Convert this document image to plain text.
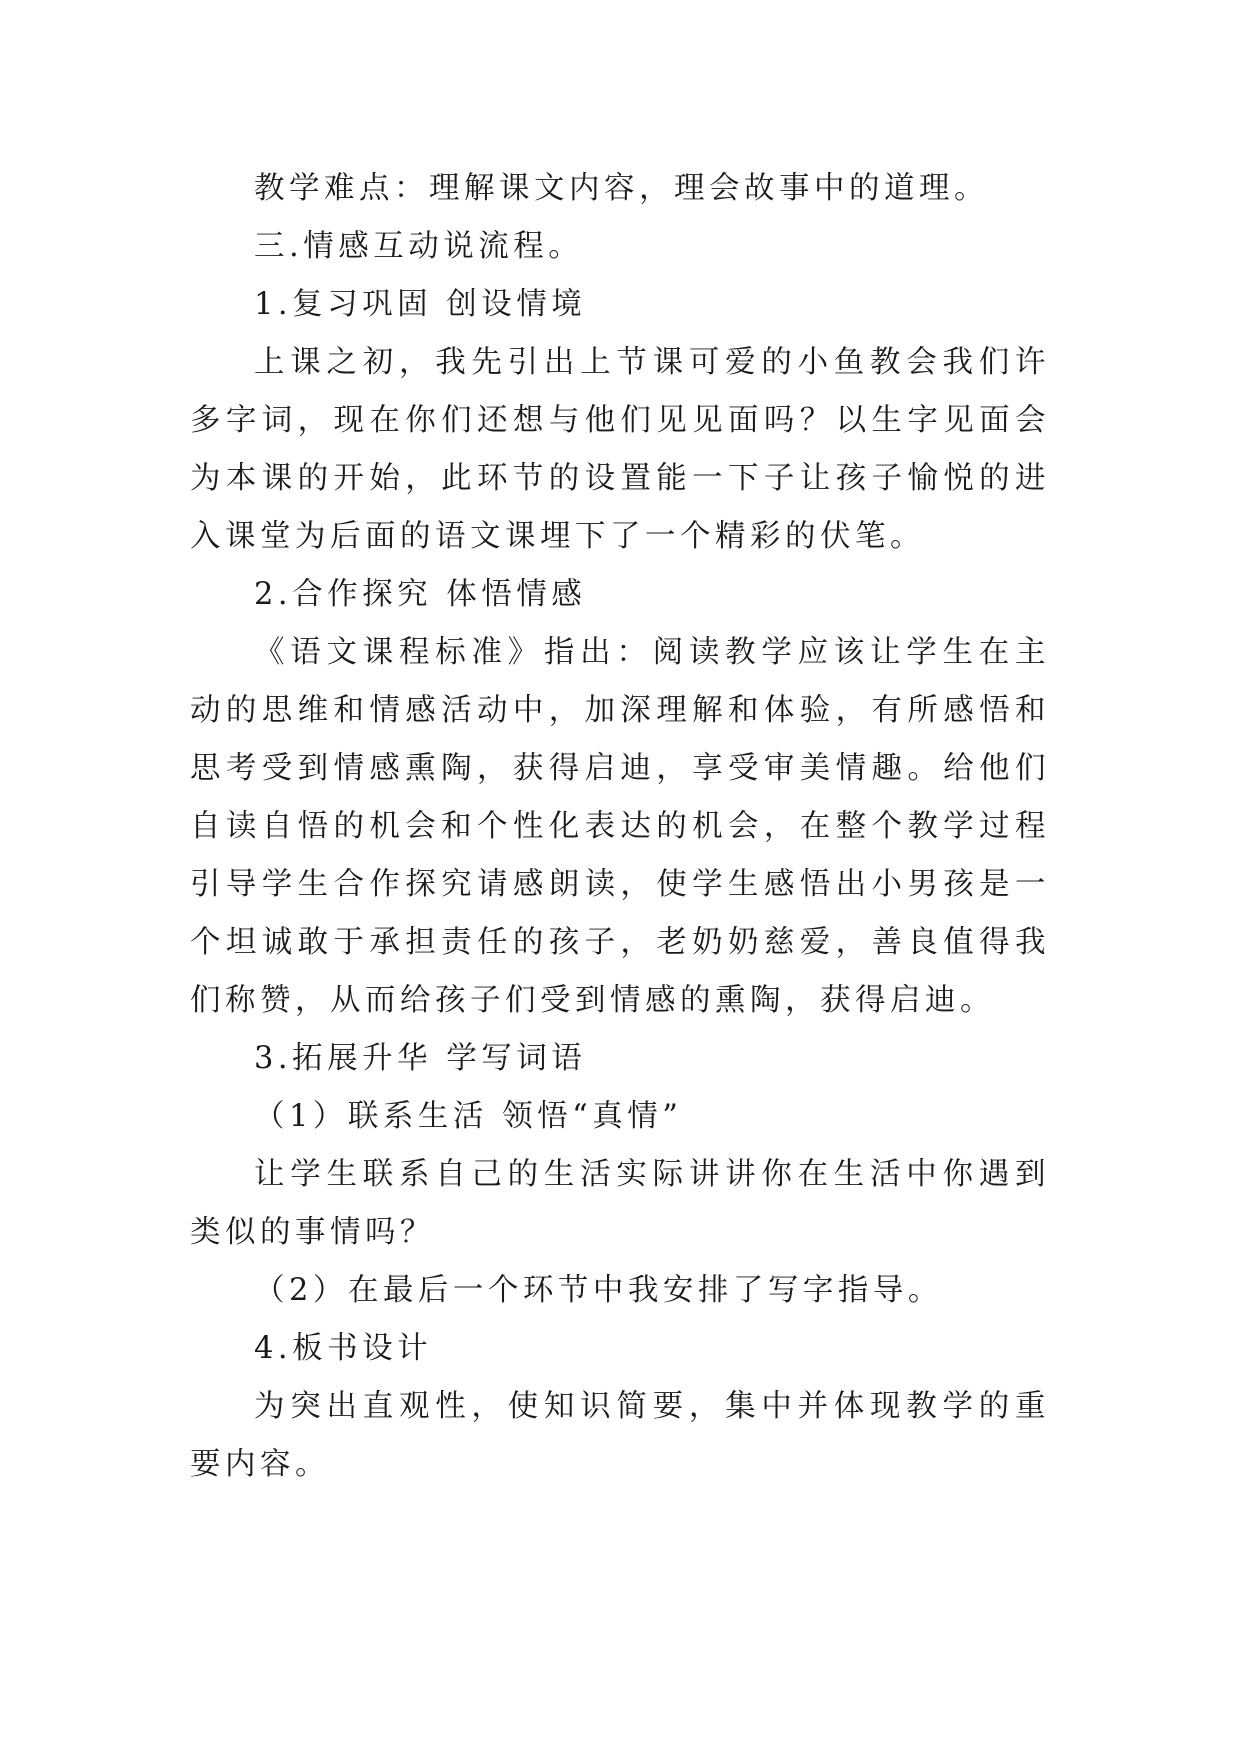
教学难点：理解课文内容，理会故事中的道理。

三.情感互动说流程。

1.复习巩固 创设情境

上课之初，我先引出上节课可爱的小鱼教会我们许多字词，现在你们还想与他们见见面吗？以生字见面会为本课的开始，此环节的设置能一下子让孩子愉悦的进入课堂为后面的语文课埋下了一个精彩的伏笔。

2.合作探究 体悟情感

《语文课程标准》指出：阅读教学应该让学生在主动的思维和情感活动中，加深理解和体验，有所感悟和思考受到情感熏陶，获得启迪，享受审美情趣。给他们自读自悟的机会和个性化表达的机会，在整个教学过程引导学生合作探究请感朗读，使学生感悟出小男孩是一个坦诚敢于承担责任的孩子，老奶奶慈爱，善良值得我们称赞，从而给孩子们受到情感的熏陶，获得启迪。

3.拓展升华 学写词语

（1）联系生活 领悟“真情”

让学生联系自己的生活实际讲讲你在生活中你遇到类似的事情吗？

（2）在最后一个环节中我安排了写字指导。

4.板书设计

为突出直观性，使知识简要，集中并体现教学的重要内容。
